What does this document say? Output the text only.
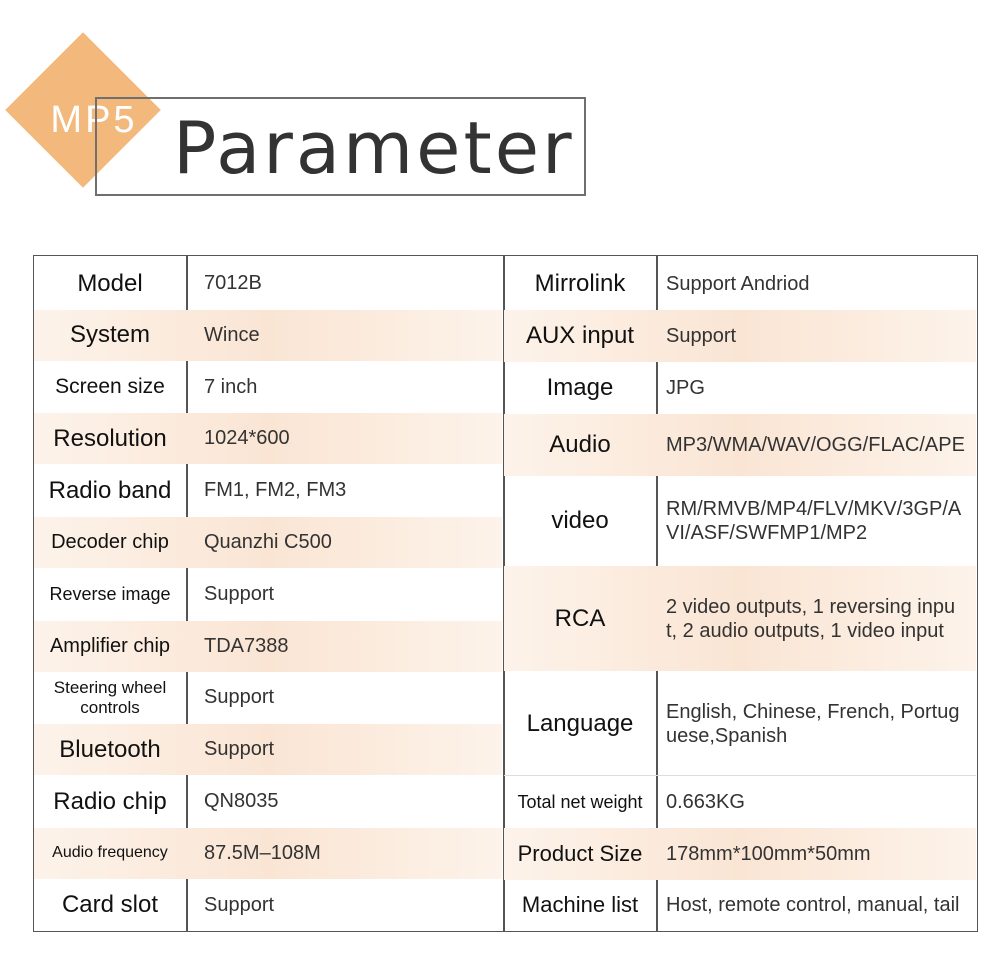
MP5 Parameter
Model	7012B
System	Wince
Screen size	7 inch
Resolution	1024*600
Radio band	FM1, FM2, FM3
Decoder chip	Quanzhi C500
Reverse image	Support
Amplifier chip	TDA7388
Steering wheel controls	Support
Bluetooth	Support
Radio chip	QN8035
Audio frequency	87.5M–108M
Card slot	Support
Mirrolink	Support Andriod
AUX input	Support
Image	JPG
Audio	MP3/WMA/WAV/OGG/FLAC/APE
video	RM/RMVB/MP4/FLV/MKV/3GP/AVI/ASF/SWFMP1/MP2
RCA	2 video outputs, 1 reversing input, 2 audio outputs, 1 video input
Language	English, Chinese, French, Portuguese,Spanish
Total net weight	0.663KG
Product Size	178mm*100mm*50mm
Machine list	Host, remote control, manual, tail
